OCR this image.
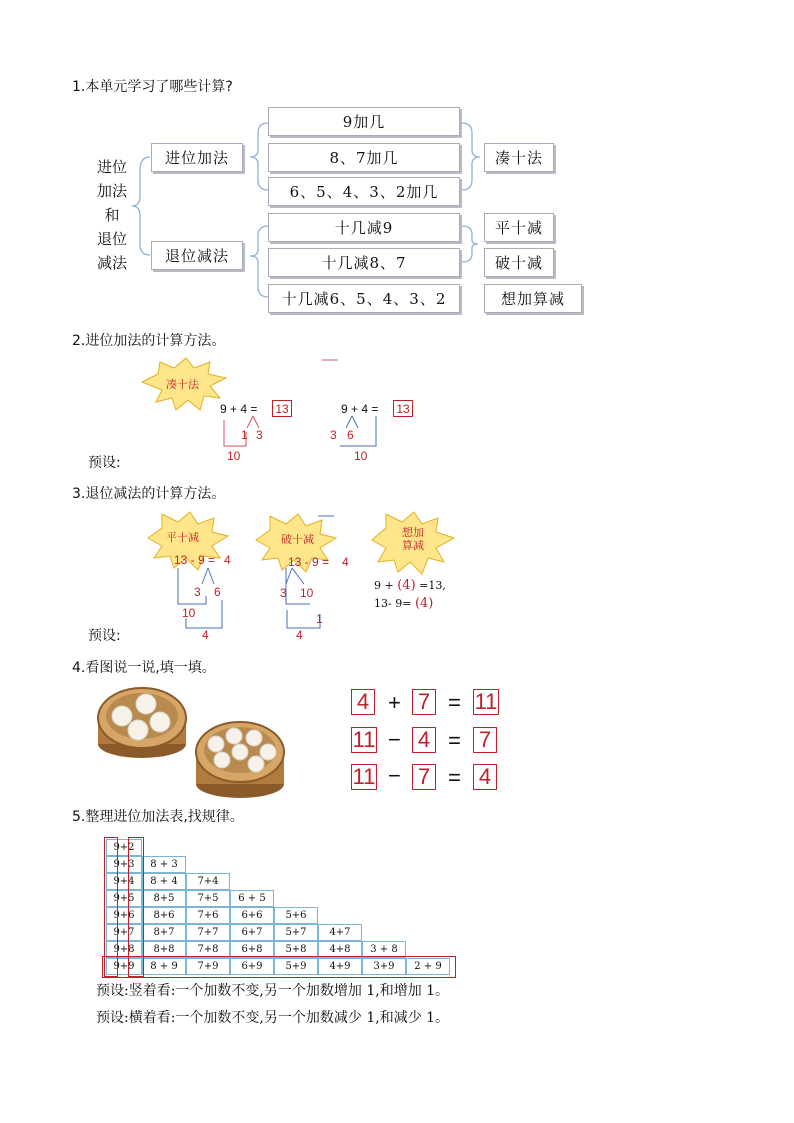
1.本单元学习了哪些计算?
进位
加法
和
退位
减法
进位加法
退位减法
9加几
8、7加几
6、5、4、3、2加几
十几减9
十几减8、7
十几减6、5、4、3、2
凑十法
平十减
破十减
想加算减
2.进位加法的计算方法。
凑十法
9 + 4 = 13
1 3
10
9 + 4 = 13
3 6
10
预设:
3.退位减法的计算方法。
平十减	破十减
想加算减
13 - 9 = 4
3 6
10
4
13 - 9 = 4
3 10
1
4
9 + (4) =13,
13- 9= (4)
预设:
4.看图说一说,填一填。
4 + 7 = 11
11 − 4 = 7
11 − 7 = 4
5.整理进位加法表,找规律。
9+2
9+3	8 + 3
9+4	8 + 4	7+4
9+5	8+5	7+5	6 + 5
9+6	8+6	7+6	6+6	5+6
9+7	8+7	7+7	6+7	5+7	4+7
9+8	8+8	7+8	6+8	5+8	4+8	3 + 8
9+9	8 + 9	7+9	6+9	5+9	4+9	3+9	2 + 9
预设:竖着看:一个加数不变,另一个加数增加 1,和增加 1。
预设:横着看:一个加数不变,另一个加数减少 1,和减少 1。
